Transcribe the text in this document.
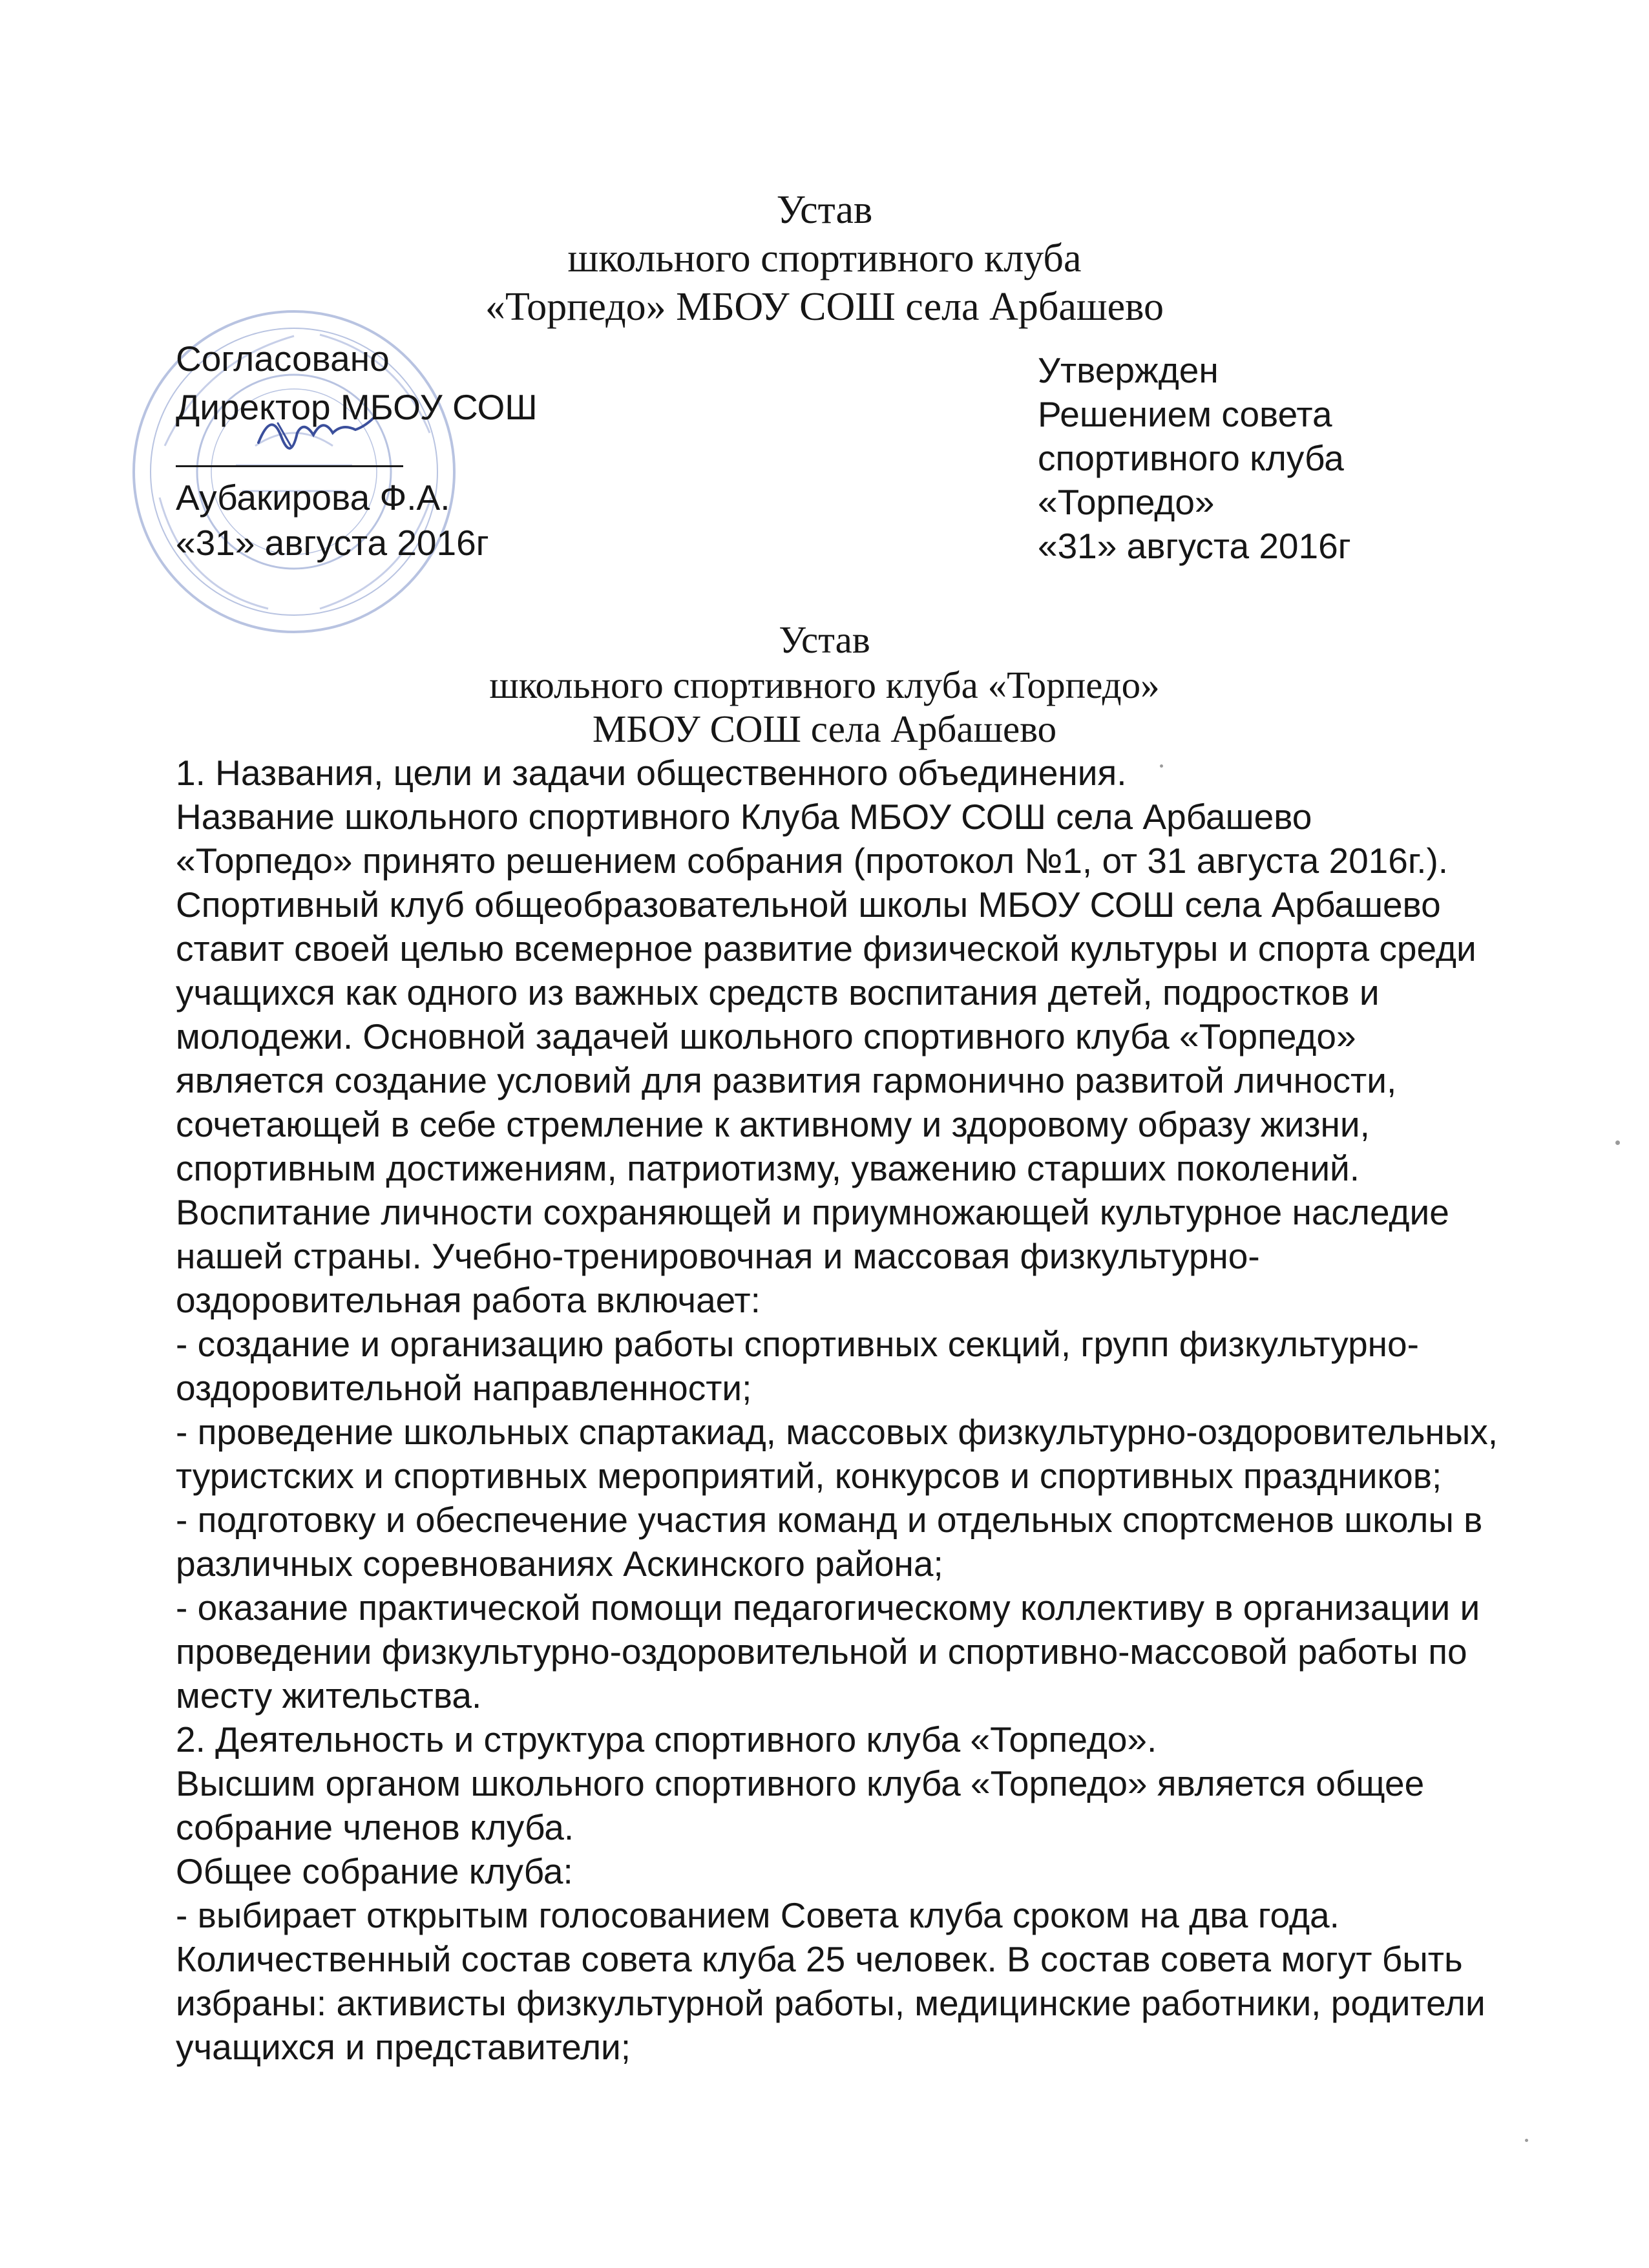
Устав
школьного спортивного клуба
«Торпедо» МБОУ СОШ села Арбашево
Согласовано
Директор МБОУ СОШ
Аубакирова Ф.А.
«31» августа 2016г
Утвержден
Решением совета
спортивного клуба
«Торпедо»
«31» августа 2016г
Устав
школьного спортивного клуба «Торпедо»
МБОУ СОШ села Арбашево
1. Названия, цели и задачи общественного объединения.
Название школьного спортивного Клуба МБОУ СОШ села Арбашево
«Торпедо» принято решением собрания (протокол №1, от 31 августа 2016г.).
Спортивный клуб общеобразовательной школы МБОУ СОШ села Арбашево
ставит своей целью всемерное развитие физической культуры и спорта среди
учащихся как одного из важных средств воспитания детей, подростков и
молодежи. Основной задачей школьного спортивного клуба «Торпедо»
является создание условий для развития гармонично развитой личности,
сочетающей в себе стремление к активному и здоровому образу жизни,
спортивным достижениям, патриотизму, уважению старших поколений.
Воспитание личности сохраняющей и приумножающей культурное наследие
нашей страны. Учебно-тренировочная и массовая физкультурно-
оздоровительная работа включает:
- создание и организацию работы спортивных секций, групп физкультурно-
оздоровительной направленности;
- проведение школьных спартакиад, массовых физкультурно-оздоровительных,
туристских и спортивных мероприятий, конкурсов и спортивных праздников;
- подготовку и обеспечение участия команд и отдельных спортсменов школы в
различных соревнованиях Аскинского района;
- оказание практической помощи педагогическому коллективу в организации и
проведении физкультурно-оздоровительной и спортивно-массовой работы по
месту жительства.
2. Деятельность и структура спортивного клуба «Торпедо».
Высшим органом школьного спортивного клуба «Торпедо» является общее
собрание членов клуба.
Общее собрание клуба:
- выбирает открытым голосованием Совета клуба сроком на два года.
Количественный состав совета клуба 25 человек. В состав совета могут быть
избраны: активисты физкультурной работы, медицинские работники, родители
учащихся и представители;
